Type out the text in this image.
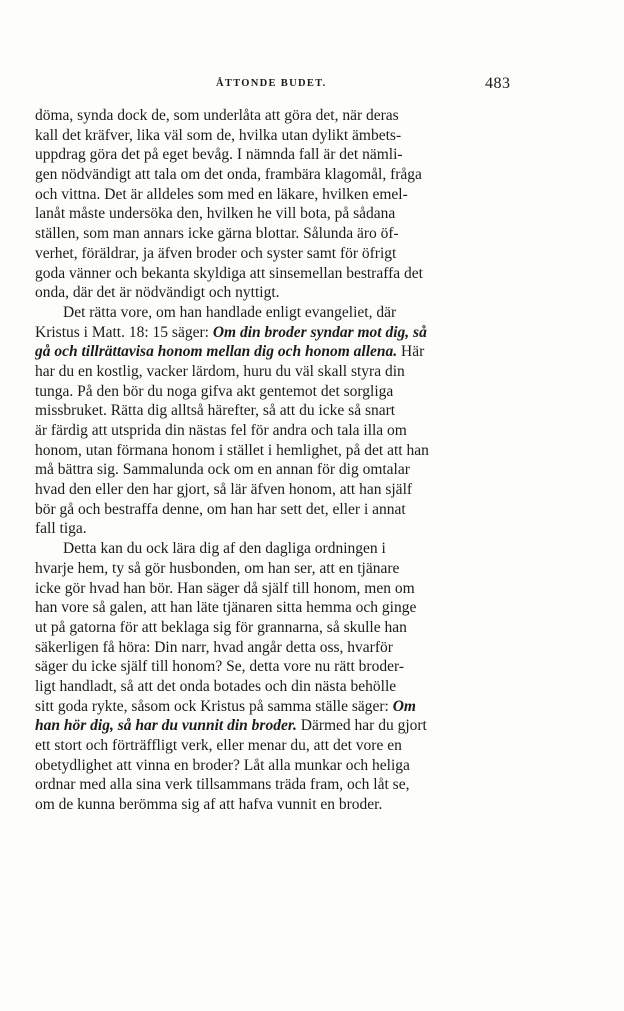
ÅTTONDE BUDET.	483
döma, synda dock de, som underlåta att göra det, när deras
kall det kräfver, lika väl som de, hvilka utan dylikt ämbets-
uppdrag göra det på eget bevåg. I nämnda fall är det nämli-
gen nödvändigt att tala om det onda, frambära klagomål, fråga
och vittna. Det är alldeles som med en läkare, hvilken emel-
lanåt måste undersöka den, hvilken he vill bota, på sådana
ställen, som man annars icke gärna blottar. Sålunda äro öf-
verhet, föräldrar, ja äfven broder och syster samt för öfrigt
goda vänner och bekanta skyldiga att sinsemellan bestraffa det
onda, där det är nödvändigt och nyttigt.
Det rätta vore, om han handlade enligt evangeliet, där
Kristus i Matt. 18: 15 säger: Om din broder syndar mot dig, så
gå och tillrättavisa honom mellan dig och honom allena. Här
har du en kostlig, vacker lärdom, huru du väl skall styra din
tunga. På den bör du noga gifva akt gentemot det sorgliga
missbruket. Rätta dig alltså härefter, så att du icke så snart
är färdig att utsprida din nästas fel för andra och tala illa om
honom, utan förmana honom i stället i hemlighet, på det att han
må bättra sig. Sammalunda ock om en annan för dig omtalar
hvad den eller den har gjort, så lär äfven honom, att han själf
bör gå och bestraffa denne, om han har sett det, eller i annat
fall tiga.
Detta kan du ock lära dig af den dagliga ordningen i
hvarje hem, ty så gör husbonden, om han ser, att en tjänare
icke gör hvad han bör. Han säger då själf till honom, men om
han vore så galen, att han läte tjänaren sitta hemma och ginge
ut på gatorna för att beklaga sig för grannarna, så skulle han
säkerligen få höra: Din narr, hvad angår detta oss, hvarför
säger du icke själf till honom? Se, detta vore nu rätt broder-
ligt handladt, så att det onda botades och din nästa behölle
sitt goda rykte, såsom ock Kristus på samma ställe säger: Om
han hör dig, så har du vunnit din broder. Därmed har du gjort
ett stort och förträffligt verk, eller menar du, att det vore en
obetydlighet att vinna en broder? Låt alla munkar och heliga
ordnar med alla sina verk tillsammans träda fram, och låt se,
om de kunna berömma sig af att hafva vunnit en broder.
